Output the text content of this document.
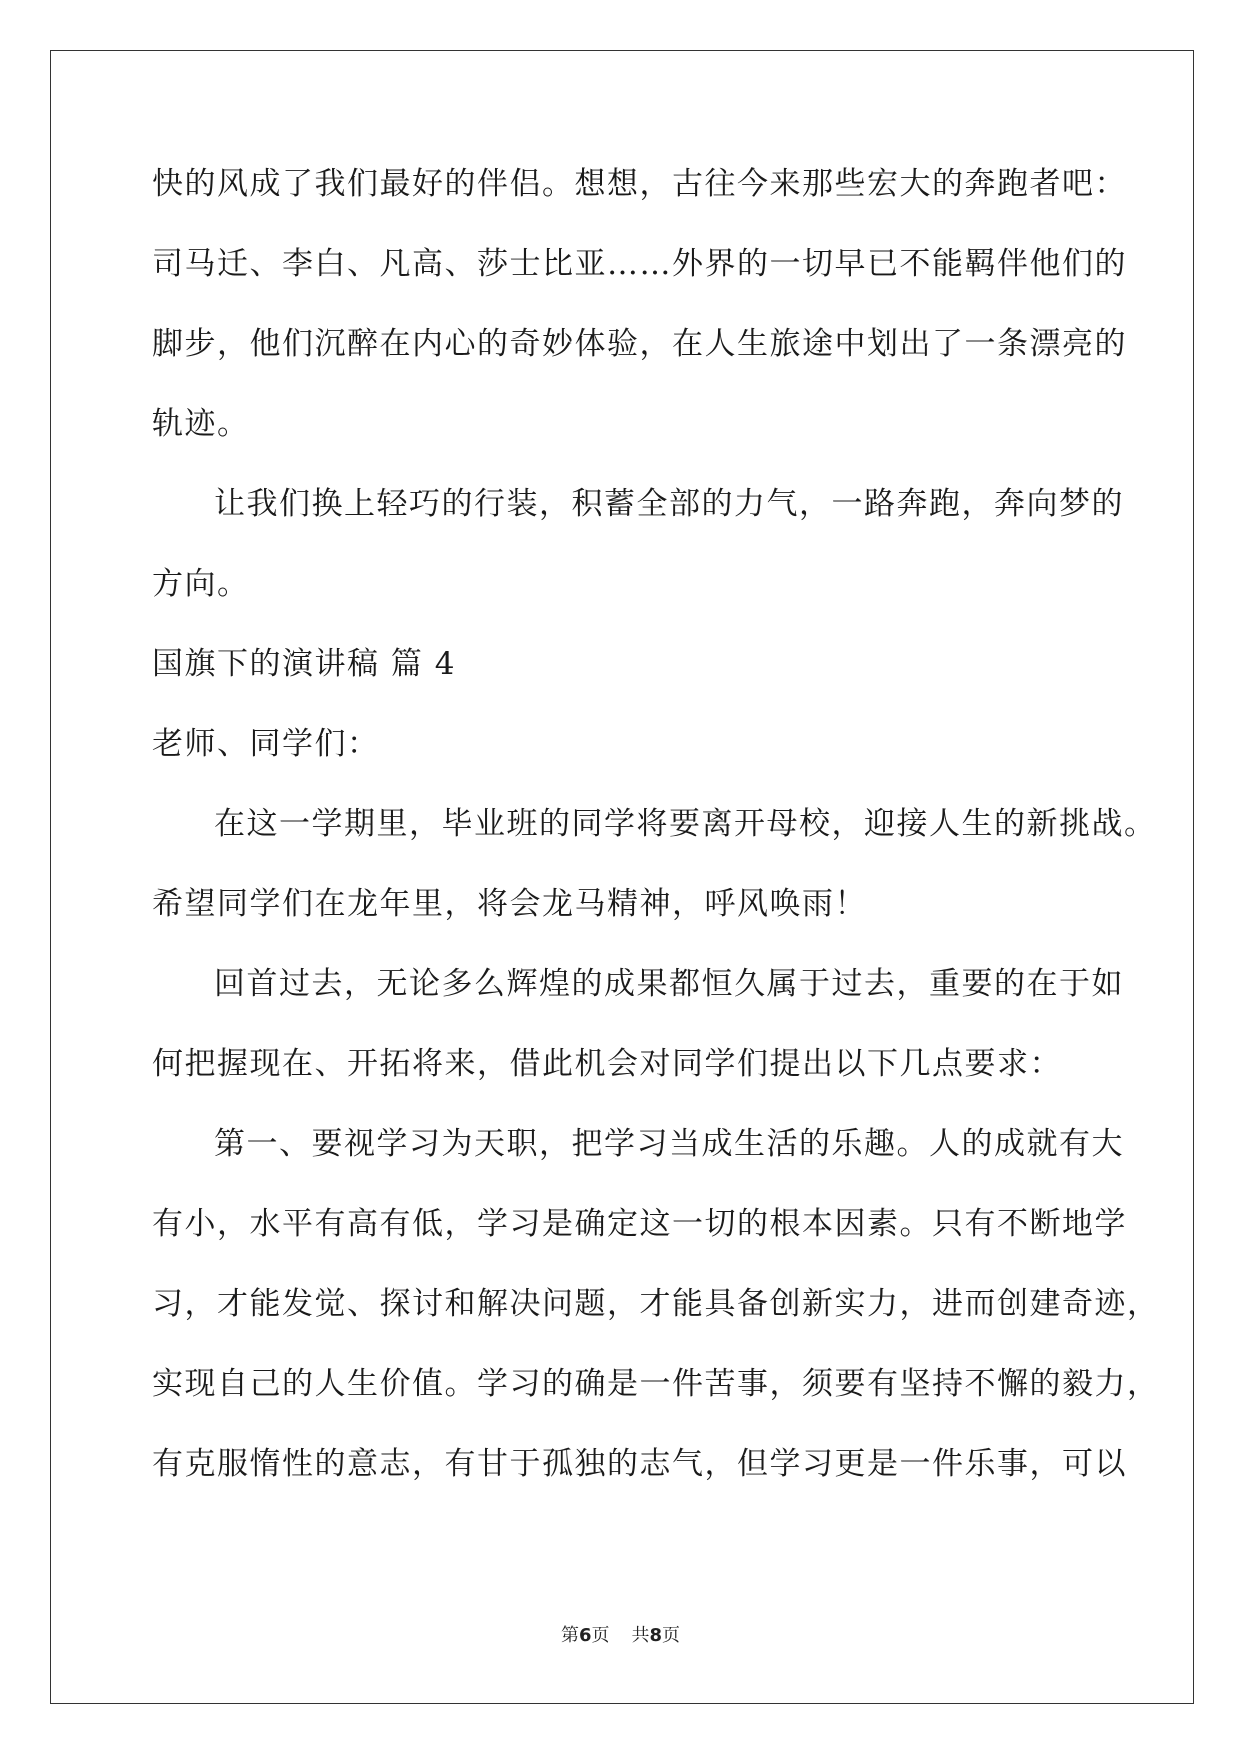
快的风成了我们最好的伴侣。想想，古往今来那些宏大的奔跑者吧：
司马迁、李白、凡高、莎士比亚……外界的一切早已不能羁伴他们的
脚步，他们沉醉在内心的奇妙体验，在人生旅途中划出了一条漂亮的
轨迹。
让我们换上轻巧的行装，积蓄全部的力气，一路奔跑，奔向梦的
方向。
国旗下的演讲稿 篇 4
老师、同学们：
在这一学期里，毕业班的同学将要离开母校，迎接人生的新挑战。
希望同学们在龙年里，将会龙马精神，呼风唤雨！
回首过去，无论多么辉煌的成果都恒久属于过去，重要的在于如
何把握现在、开拓将来，借此机会对同学们提出以下几点要求：
第一、要视学习为天职，把学习当成生活的乐趣。人的成就有大
有小，水平有高有低，学习是确定这一切的根本因素。只有不断地学
习，才能发觉、探讨和解决问题，才能具备创新实力，进而创建奇迹，
实现自己的人生价值。学习的确是一件苦事，须要有坚持不懈的毅力，
有克服惰性的意志，有甘于孤独的志气，但学习更是一件乐事，可以
第6页 共8页
